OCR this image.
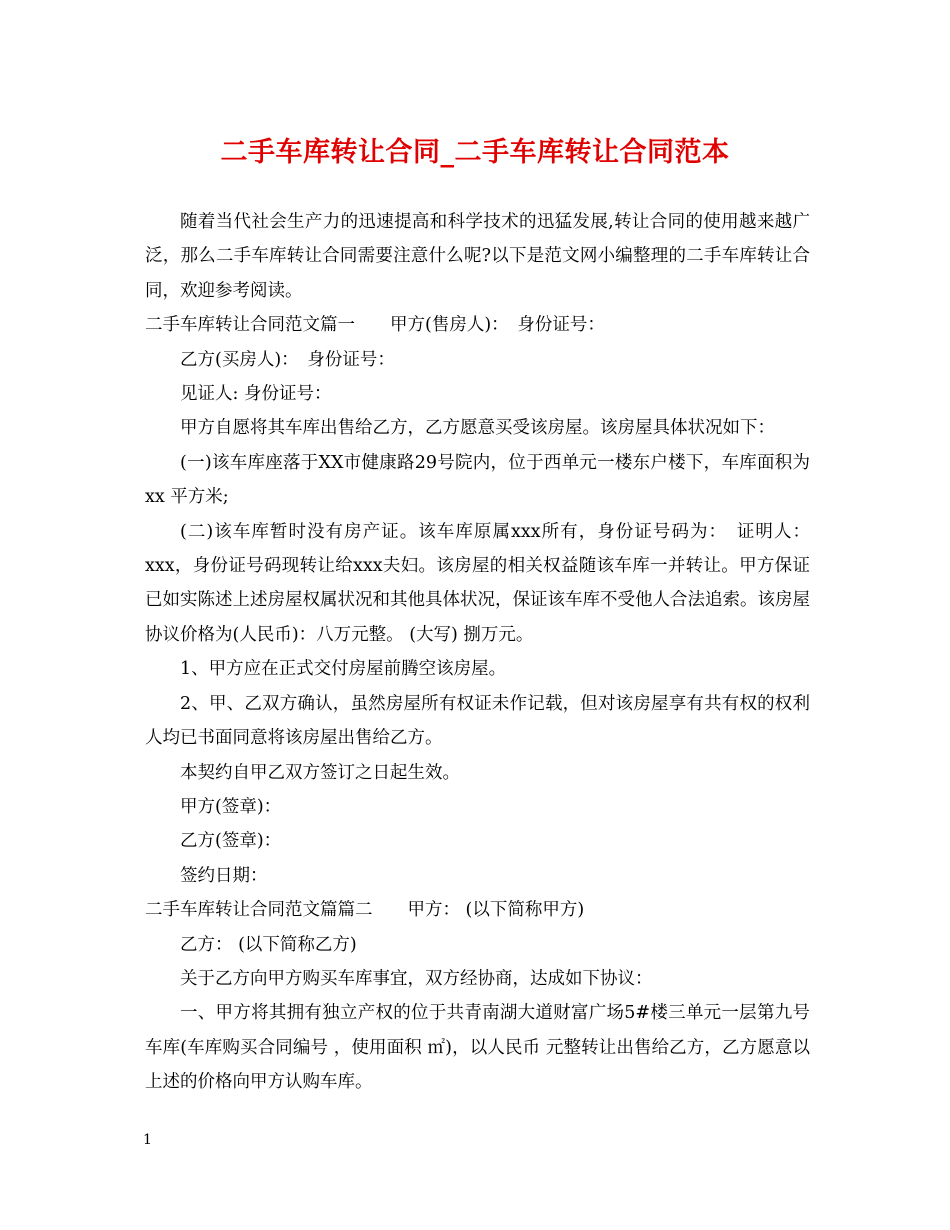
二手车库转让合同_二手车库转让合同范本

随着当代社会生产力的迅速提高和科学技术的迅猛发展,转让合同的使用越来越广泛，那么二手车库转让合同需要注意什么呢?以下是范文网小编整理的二手车库转让合同，欢迎参考阅读。

二手车库转让合同范文篇一　　甲方(售房人)：　身份证号：

乙方(买房人)：　身份证号：

见证人: 身份证号：

甲方自愿将其车库出售给乙方，乙方愿意买受该房屋。该房屋具体状况如下：

(一)该车库座落于XX市健康路29号院内，位于西单元一楼东户楼下，车库面积为xx 平方米;

(二)该车库暂时没有房产证。该车库原属xxx所有，身份证号码为：　证明人：xxx，身份证号码现转让给xxx夫妇。该房屋的相关权益随该车库一并转让。甲方保证已如实陈述上述房屋权属状况和其他具体状况，保证该车库不受他人合法追索。该房屋协议价格为(人民币)：八万元整。 (大写) 捌万元。

1、甲方应在正式交付房屋前腾空该房屋。

2、甲、乙双方确认，虽然房屋所有权证未作记载，但对该房屋享有共有权的权利人均已书面同意将该房屋出售给乙方。

本契约自甲乙双方签订之日起生效。

甲方(签章)：

乙方(签章)：

签约日期：

二手车库转让合同范文篇篇二　　甲方： (以下简称甲方)

乙方： (以下简称乙方)

关于乙方向甲方购买车库事宜，双方经协商，达成如下协议：

一、甲方将其拥有独立产权的位于共青南湖大道财富广场5#楼三单元一层第九号车库(车库购买合同编号 ，使用面积 ㎡)，以人民币 元整转让出售给乙方，乙方愿意以上述的价格向甲方认购车库。

1
